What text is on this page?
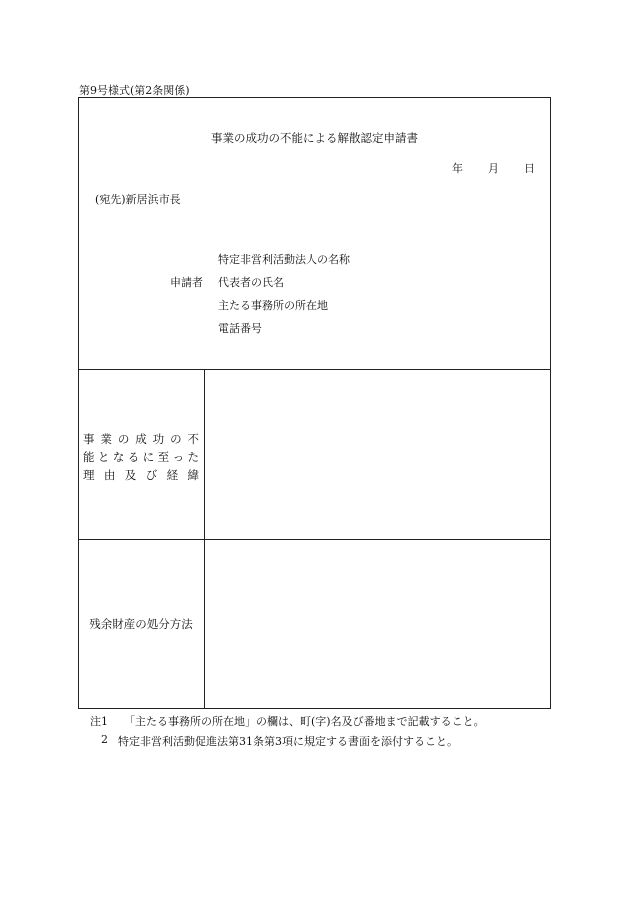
第9号様式(第2条関係)
事業の成功の不能による解散認定申請書
年 月 日
(宛先)新居浜市長
申請者
特定非営利活動法人の名称
代表者の氏名
主たる事務所の所在地
電話番号
事業の成功の不
能となるに至った
理由及び経緯
残余財産の処分方法
注1 「主たる事務所の所在地」の欄は、町(字)名及び番地まで記載すること。
2 特定非営利活動促進法第31条第3項に規定する書面を添付すること。
